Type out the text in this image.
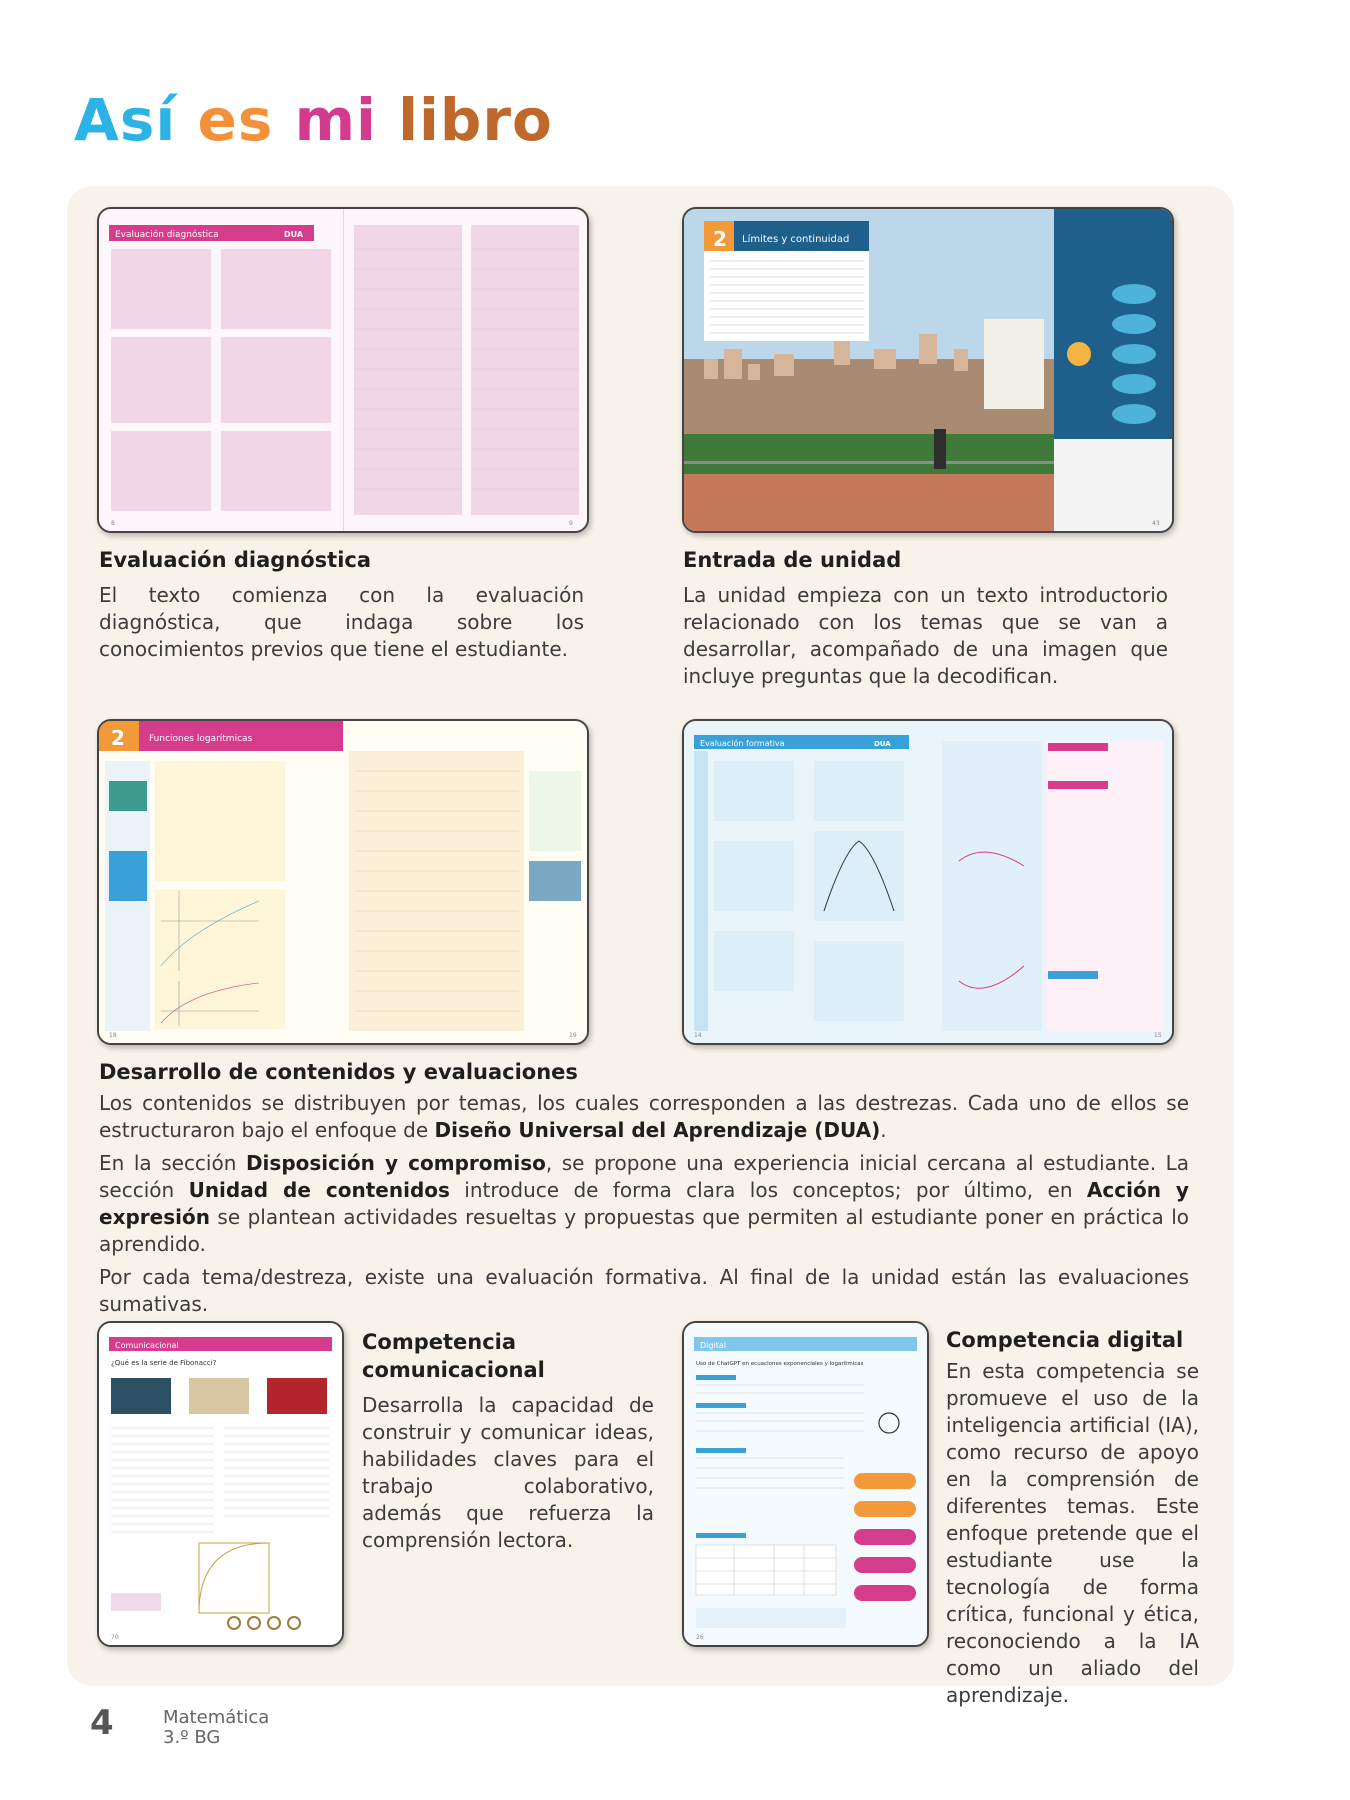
Así es mi libro
Evaluación diagnóstica	DUA
8	9
Evaluación diagnóstica

El texto comienza con la evaluación diagnóstica, que indaga sobre los conocimientos previos que tiene el estudiante.

2 Límites y continuidad
43
Entrada de unidad

La unidad empieza con un texto introductorio relacionado con los temas que se van a desarrollar, acompañado de una imagen que incluye preguntas que la decodifican.

2	Funciones logarítmicas
18	19
Evaluación formativa	DUA
14	15
Desarrollo de contenidos y evaluaciones

Los contenidos se distribuyen por temas, los cuales corresponden a las destrezas. Cada uno de ellos se estructuraron bajo el enfoque de Diseño Universal del Aprendizaje (DUA).

En la sección Disposición y compromiso, se propone una experiencia inicial cercana al estudiante. La sección Unidad de contenidos introduce de forma clara los conceptos; por último, en Acción y expresión se plantean actividades resueltas y propuestas que permiten al estudiante poner en práctica lo aprendido.

Por cada tema/destreza, existe una evaluación formativa. Al final de la unidad están las evaluaciones sumativas.

Comunicacional
¿Qué es la serie de Fibonacci?
70
Competencia comunicacional

Desarrolla la capacidad de construir y comunicar ideas, habilidades claves para el trabajo colaborativo, además que refuerza la comprensión lectora.

Digital
Uso de ChatGPT en ecuaciones exponenciales y logarítmicas
26
Competencia digital

En esta competencia se promueve el uso de la inteligencia artificial (IA), como recurso de apoyo en la comprensión de diferentes temas. Este enfoque pretende que el estudiante use la tecnología de forma crítica, funcional y ética, reconociendo a la IA como un aliado del aprendizaje.

4	Matemática
3.º BG
